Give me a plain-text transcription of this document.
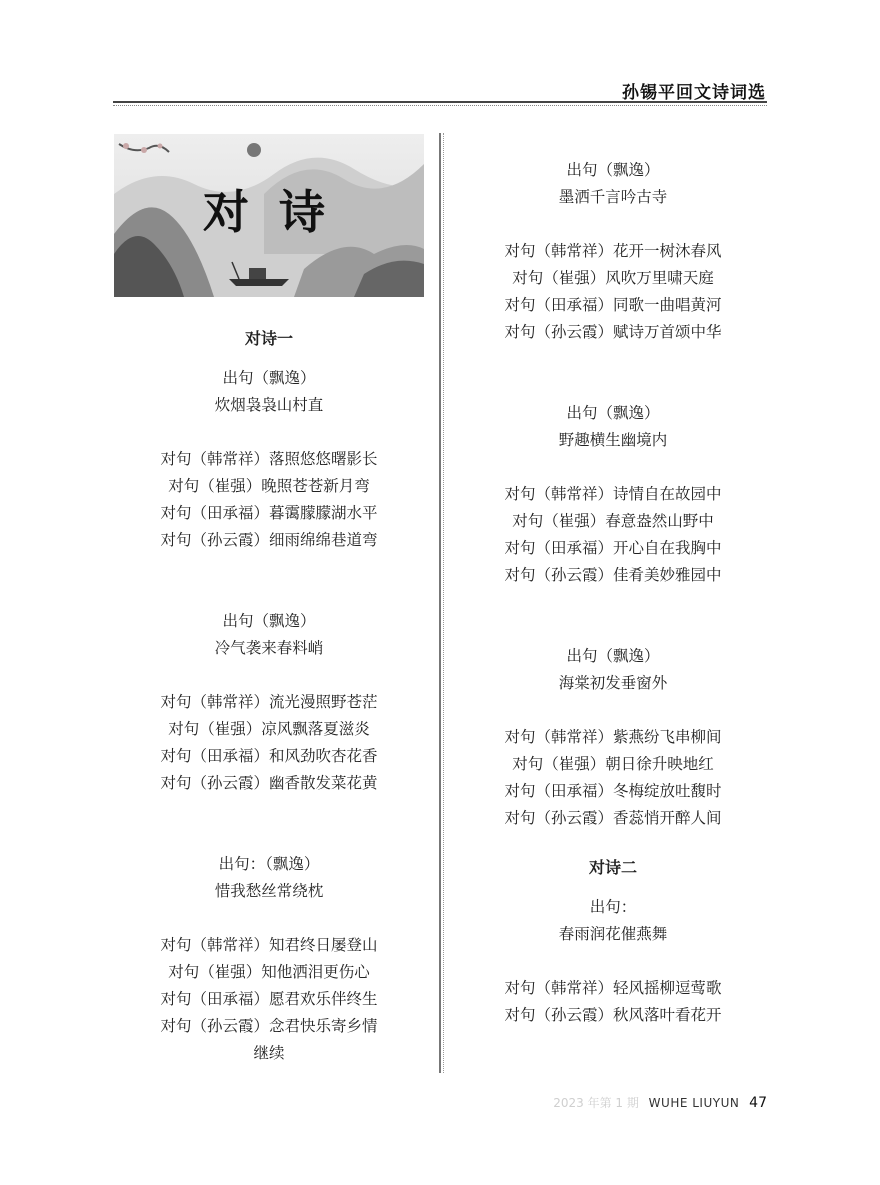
孙锡平回文诗词选
对诗
对诗一
出句（飘逸）
炊烟袅袅山村直
对句（韩常祥）落照悠悠曙影长
对句（崔强）晚照苍苍新月弯
对句（田承福）暮霭朦朦湖水平
对句（孙云霞）细雨绵绵巷道弯
出句（飘逸）
冷气袭来春料峭
对句（韩常祥）流光漫照野苍茫
对句（崔强）凉风飘落夏滋炎
对句（田承福）和风劲吹杏花香
对句（孙云霞）幽香散发菜花黄
出句：（飘逸）
惜我愁丝常绕枕
对句（韩常祥）知君终日屡登山
对句（崔强）知他洒泪更伤心
对句（田承福）愿君欢乐伴终生
对句（孙云霞）念君快乐寄乡情
继续
出句（飘逸）
墨洒千言吟古寺
对句（韩常祥）花开一树沐春风
对句（崔强）风吹万里啸天庭
对句（田承福）同歌一曲唱黄河
对句（孙云霞）赋诗万首颂中华
出句（飘逸）
野趣横生幽境内
对句（韩常祥）诗情自在故园中
对句（崔强）春意盎然山野中
对句（田承福）开心自在我胸中
对句（孙云霞）佳肴美妙雅园中
出句（飘逸）
海棠初发垂窗外
对句（韩常祥）紫燕纷飞串柳间
对句（崔强）朝日徐升映地红
对句（田承福）冬梅绽放吐馥时
对句（孙云霞）香蕊悄开醉人间
对诗二
出句：
春雨润花催燕舞
对句（韩常祥）轻风摇柳逗莺歌
对句（孙云霞）秋风落叶看花开
2023 年第 1 期 WUHE LIUYUN 47
